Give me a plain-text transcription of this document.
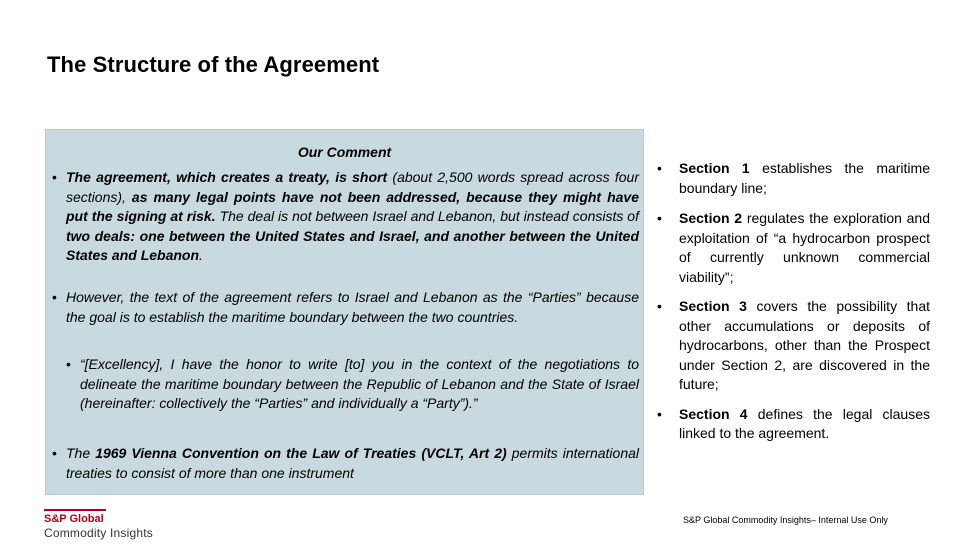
The Structure of the Agreement
Our Comment
• The agreement, which creates a treaty, is short (about 2,500 words spread across four sections), as many legal points have not been addressed, because they might have put the signing at risk. The deal is not between Israel and Lebanon, but instead consists of two deals: one between the United States and Israel, and another between the United States and Lebanon.
• However, the text of the agreement refers to Israel and Lebanon as the “Parties” because the goal is to establish the maritime boundary between the two countries.
• “[Excellency], I have the honor to write [to] you in the context of the negotiations to delineate the maritime boundary between the Republic of Lebanon and the State of Israel (hereinafter: collectively the “Parties” and individually a “Party”).”
• The 1969 Vienna Convention on the Law of Treaties (VCLT, Art 2) permits international treaties to consist of more than one instrument
• Section 1 establishes the maritime boundary line;
• Section 2 regulates the exploration and exploitation of “a hydrocarbon prospect of currently unknown commercial viability”;
• Section 3 covers the possibility that other accumulations or deposits of hydrocarbons, other than the Prospect under Section 2, are discovered in the future;
• Section 4 defines the legal clauses linked to the agreement.
S&P Global
Commodity Insights
S&P Global Commodity Insights– Internal Use Only
